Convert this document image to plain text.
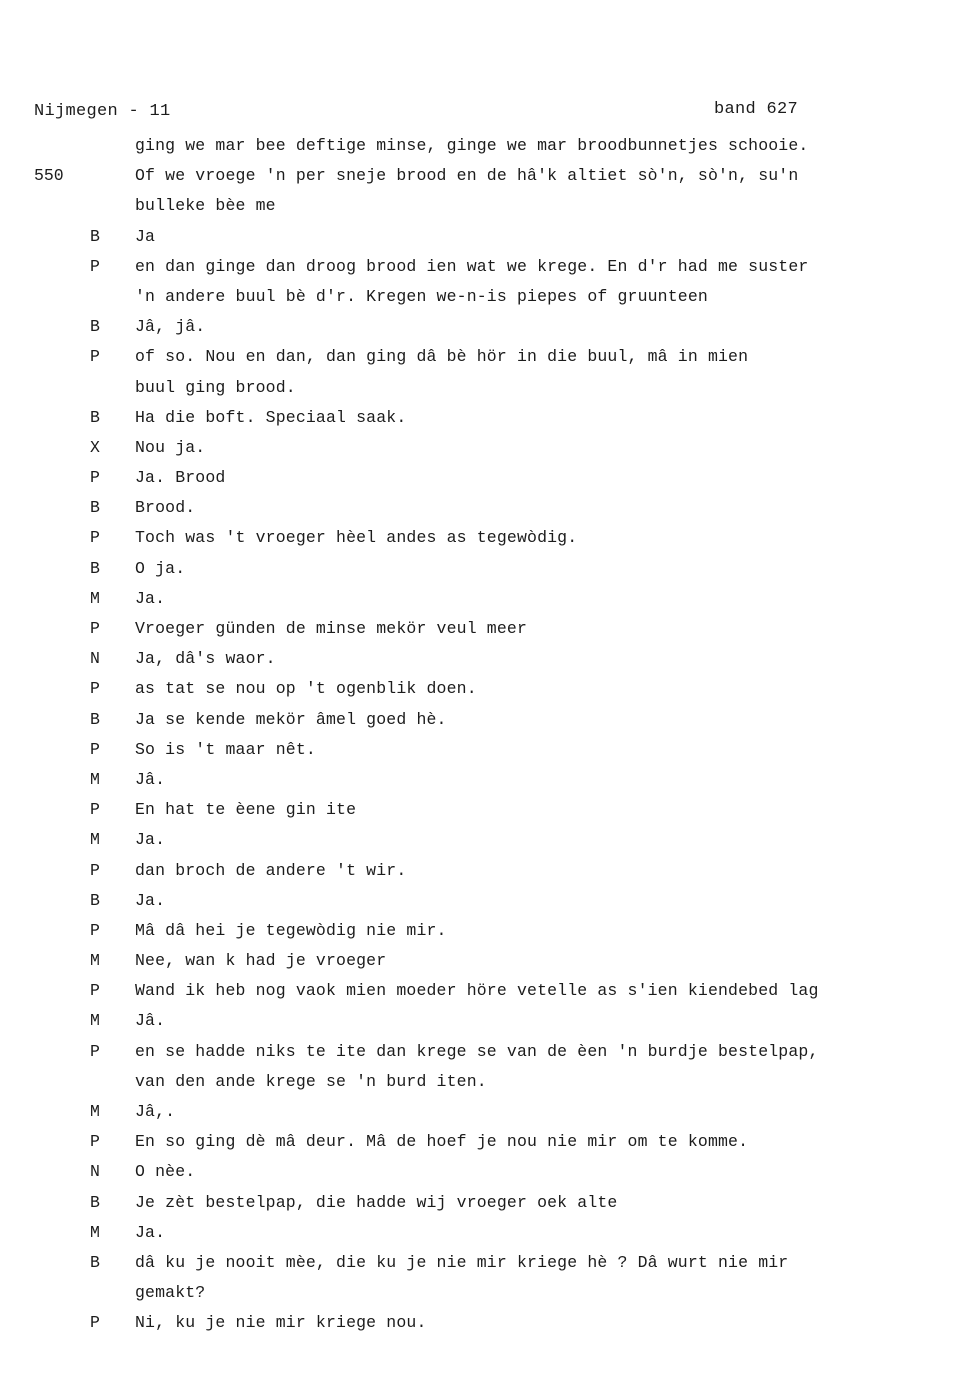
Nijmegen - 11	band 627
ging we mar bee deftige minse, ginge we mar broodbunnetjes schooie.
550	Of we vroege 'n per sneje brood en de hâ'k altiet sò'n, sò'n, su'n
bulleke bèe me
B Ja
P en dan ginge dan droog brood ien wat we krege. En d'r had me suster
'n andere buul bè d'r. Kregen we-n-is piepes of gruunteen
B Jâ, jâ.
P of so. Nou en dan, dan ging dâ bè hör in die buul, mâ in mien
buul ging brood.
B Ha die boft. Speciaal saak.
X Nou ja.
P Ja. Brood
B Brood.
P Toch was 't vroeger hèel andes as tegewòdig.
B O ja.
M Ja.
P Vroeger günden de minse mekör veul meer
N Ja, dâ's waor.
P as tat se nou op 't ogenblik doen.
B Ja se kende mekör âmel goed hè.
P So is 't maar nêt.
M Jâ.
P En hat te èene gin ite
M Ja.
P dan broch de andere 't wir.
B Ja.
P Mâ dâ hei je tegewòdig nie mir.
M Nee, wan k had je vroeger
P Wand ik heb nog vaok mien moeder höre vetelle as s'ien kiendebed lag
M Jâ.
P en se hadde niks te ite dan krege se van de èen 'n burdje bestelpap,
van den ande krege se 'n burd iten.
M Jâ,.
P En so ging dè mâ deur. Mâ de hoef je nou nie mir om te komme.
N O nèe.
B Je zèt bestelpap, die hadde wij vroeger oek alte
M Ja.
B dâ ku je nooit mèe, die ku je nie mir kriege hè ? Dâ wurt nie mir
gemakt?
P Ni, ku je nie mir kriege nou.
